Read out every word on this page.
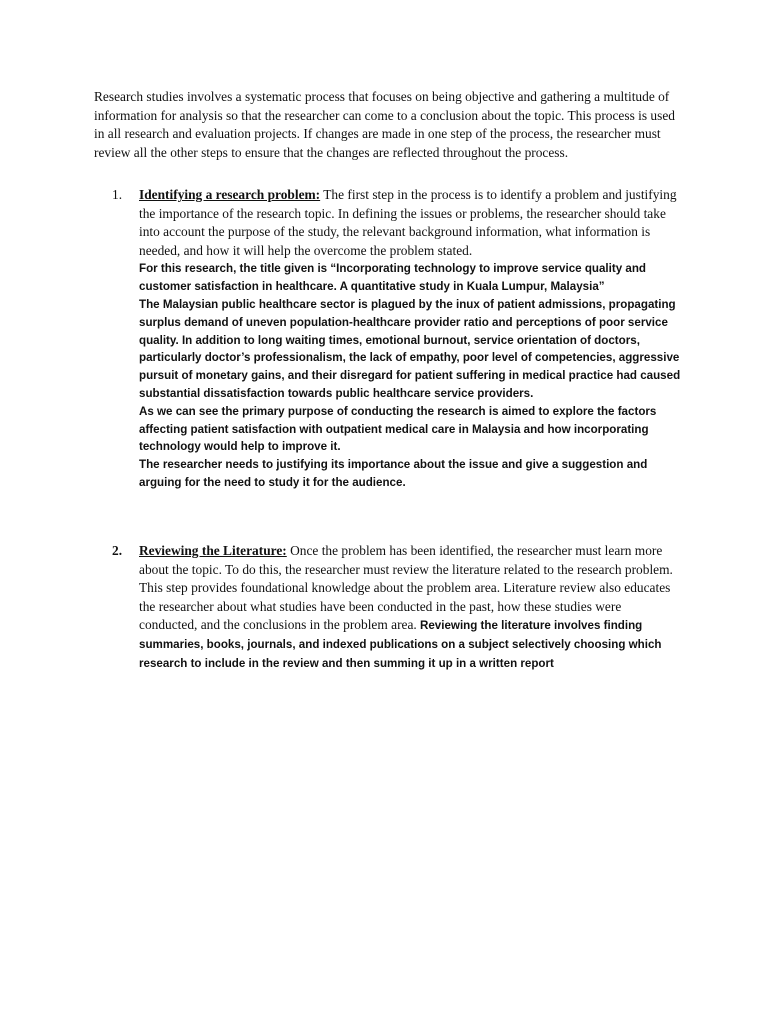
Research studies involves a systematic process that focuses on being objective and gathering a multitude of information for analysis so that the researcher can come to a conclusion about the topic. This process is used in all research and evaluation projects. If changes are made in one step of the process, the researcher must review all the other steps to ensure that the changes are reflected throughout the process.

1.	Identifying a research problem: The first step in the process is to identify a problem and justifying the importance of the research topic. In defining the issues or problems, the researcher should take into account the purpose of the study, the relevant background information, what information is needed, and how it will help the overcome the problem stated.

For this research, the title given is “Incorporating technology to improve service quality and customer satisfaction in healthcare. A quantitative study in Kuala Lumpur, Malaysia”

The Malaysian public healthcare sector is plagued by the inux of patient admissions, propagating surplus demand of uneven population-healthcare provider ratio and perceptions of poor service quality. In addition to long waiting times, emotional burnout, service orientation of doctors, particularly doctor’s professionalism, the lack of empathy, poor level of competencies, aggressive pursuit of monetary gains, and their disregard for patient suffering in medical practice had caused substantial dissatisfaction towards public healthcare service providers.

As we can see the primary purpose of conducting the research is aimed to explore the factors affecting patient satisfaction with outpatient medical care in Malaysia and how incorporating technology would help to improve it.

The researcher needs to justifying its importance about the issue and give a suggestion and arguing for the need to study it for the audience.

2.	Reviewing the Literature: Once the problem has been identified, the researcher must learn more about the topic. To do this, the researcher must review the literature related to the research problem. This step provides foundational knowledge about the problem area. Literature review also educates the researcher about what studies have been conducted in the past, how these studies were conducted, and the conclusions in the problem area. Reviewing the literature involves finding summaries, books, journals, and indexed publications on a subject selectively choosing which research to include in the review and then summing it up in a written report
